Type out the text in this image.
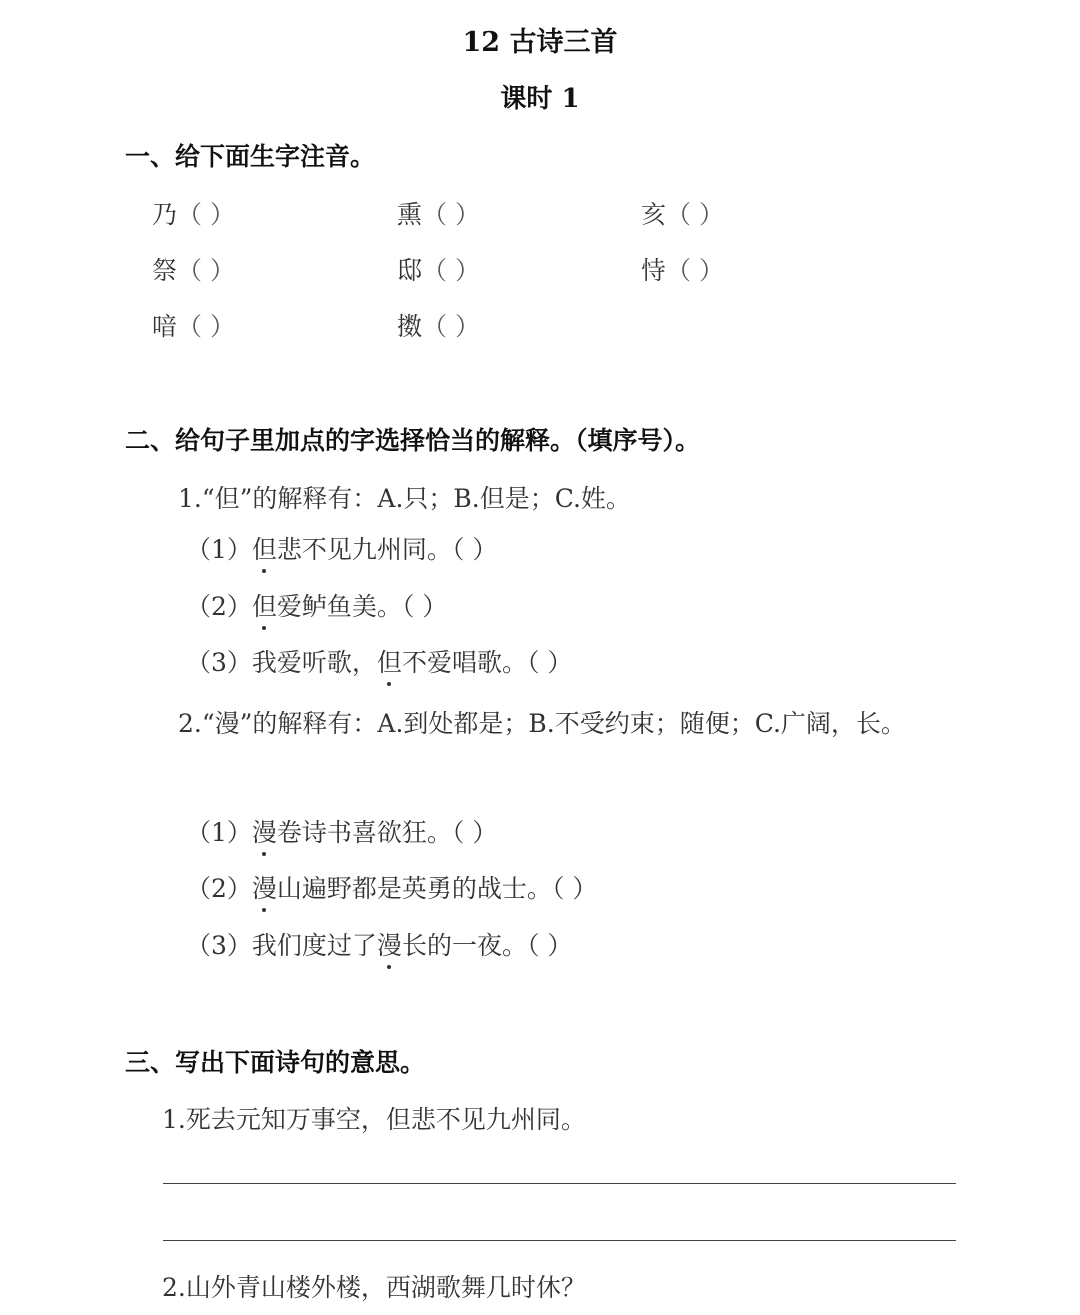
12 古诗三首
课时 1
一、给下面生字注音。
乃（ ）	熏（ ）	亥（ ）
祭（ ）	邸（ ）	恃（ ）
喑（ ）	擞（ ）
二、给句子里加点的字选择恰当的解释。（填序号）。
1.“但”的解释有：A.只；B.但是；C.姓。
（1）但悲不见九州同。（ ）
（2）但爱鲈鱼美。（ ）
（3）我爱听歌，但不爱唱歌。（ ）
2.“漫”的解释有：A.到处都是；B.不受约束；随便；C.广阔，长。
（1）漫卷诗书喜欲狂。（ ）
（2）漫山遍野都是英勇的战士。（ ）
（3）我们度过了漫长的一夜。（ ）
三、写出下面诗句的意思。
1.死去元知万事空，但悲不见九州同。
2.山外青山楼外楼，西湖歌舞几时休？
